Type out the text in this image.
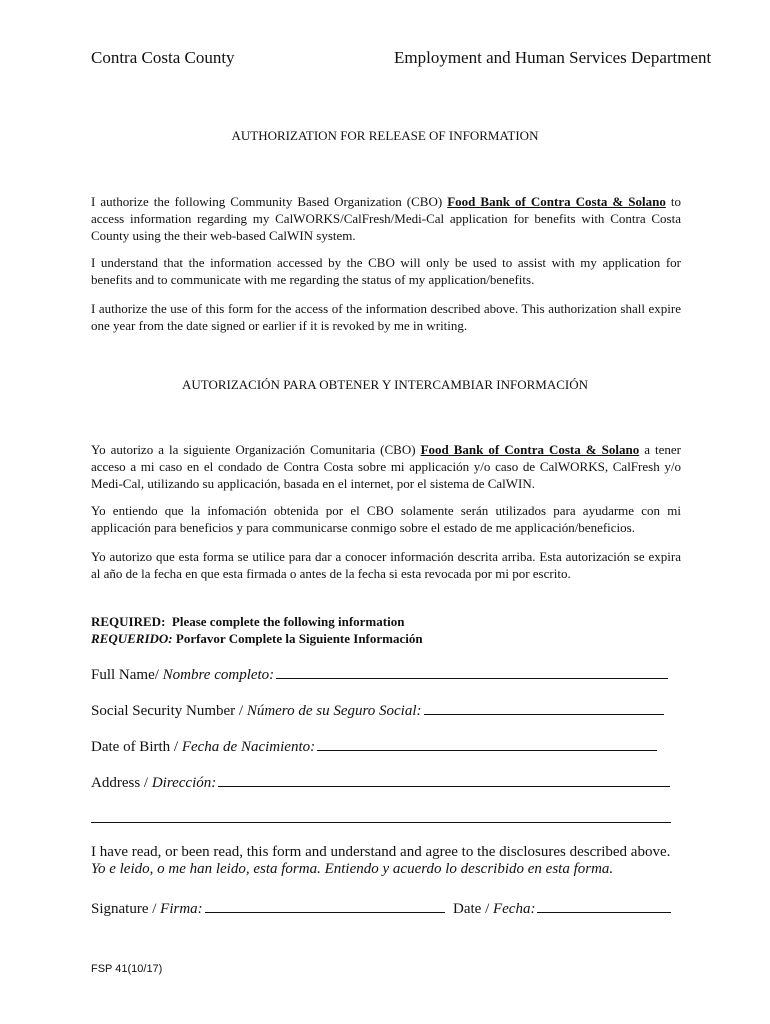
Contra Costa County	Employment and Human Services Department
AUTHORIZATION FOR RELEASE OF INFORMATION
I authorize the following Community Based Organization (CBO) Food Bank of Contra Costa & Solano to access information regarding my CalWORKS/CalFresh/Medi-Cal application for benefits with Contra Costa County using the their web-based CalWIN system.
I understand that the information accessed by the CBO will only be used to assist with my application for benefits and to communicate with me regarding the status of my application/benefits.
I authorize the use of this form for the access of the information described above. This authorization shall expire one year from the date signed or earlier if it is revoked by me in writing.
AUTORIZACIÓN PARA OBTENER Y INTERCAMBIAR INFORMACIÓN
Yo autorizo a la siguiente Organización Comunitaria (CBO) Food Bank of Contra Costa & Solano a tener acceso a mi caso en el condado de Contra Costa sobre mi applicación y/o caso de CalWORKS, CalFresh y/o Medi-Cal, utilizando su applicación, basada en el internet, por el sistema de CalWIN.
Yo entiendo que la infomación obtenida por el CBO solamente serán utilizados para ayudarme con mi applicación para beneficios y para communicarse conmigo sobre el estado de me applicación/beneficios.
Yo autorizo que esta forma se utilice para dar a conocer información descrita arriba. Esta autorización se expira al año de la fecha en que esta firmada o antes de la fecha si esta revocada por mi por escrito.
REQUIRED: Please complete the following information
REQUERIDO: Porfavor Complete la Siguiente Información
Full Name/ Nombre completo:
Social Security Number / Número de su Seguro Social:
Date of Birth / Fecha de Nacimiento:
Address / Dirección:
I have read, or been read, this form and understand and agree to the disclosures described above.
Yo e leido, o me han leido, esta forma. Entiendo y acuerdo lo describido en esta forma.
Signature / Firma:	Date / Fecha:
FSP 41(10/17)
